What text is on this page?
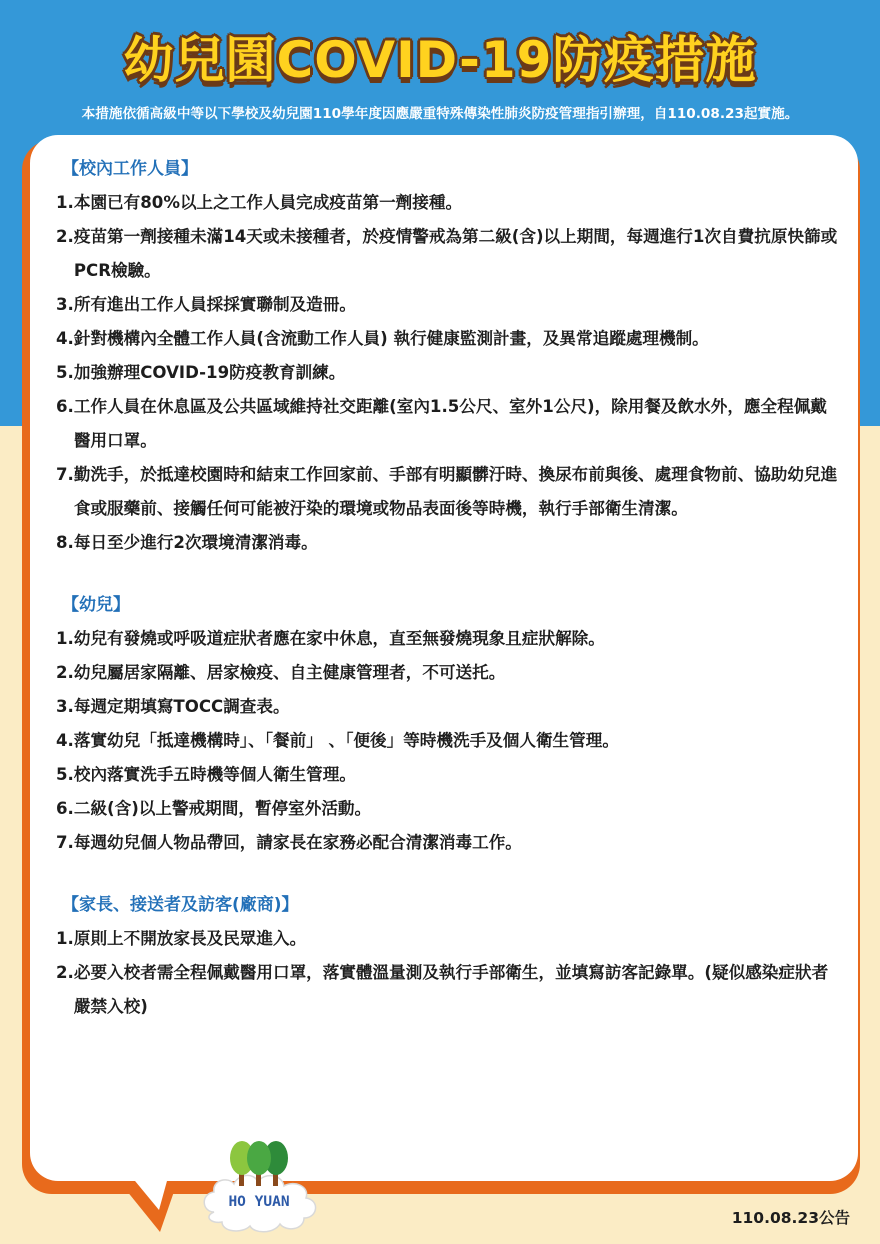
幼兒園COVID-19防疫措施
本措施依循高級中等以下學校及幼兒園110學年度因應嚴重特殊傳染性肺炎防疫管理指引辦理，自110.08.23起實施。
【校內工作人員】
1. 本園已有80%以上之工作人員完成疫苗第一劑接種。
2. 疫苗第一劑接種未滿14天或未接種者，於疫情警戒為第二級(含)以上期間，每週進行1次自費抗原快篩或PCR檢驗。
3. 所有進出工作人員採採實聯制及造冊。
4. 針對機構內全體工作人員(含流動工作人員) 執行健康監測計畫，及異常追蹤處理機制。
5. 加強辦理COVID-19防疫教育訓練。
6. 工作人員在休息區及公共區域維持社交距離(室內1.5公尺、室外1公尺)，除用餐及飲水外，應全程佩戴醫用口罩。
7. 勤洗手，於抵達校園時和結束工作回家前、手部有明顯髒汙時、換尿布前與後、處理食物前、協助幼兒進食或服藥前、接觸任何可能被汙染的環境或物品表面後等時機，執行手部衛生清潔。
8. 每日至少進行2次環境清潔消毒。
【幼兒】
1. 幼兒有發燒或呼吸道症狀者應在家中休息，直至無發燒現象且症狀解除。
2. 幼兒屬居家隔離、居家檢疫、自主健康管理者，不可送托。
3. 每週定期填寫TOCC調查表。
4. 落實幼兒「抵達機構時」、「餐前」 、「便後」等時機洗手及個人衛生管理。
5. 校內落實洗手五時機等個人衛生管理。
6. 二級(含)以上警戒期間，暫停室外活動。
7. 每週幼兒個人物品帶回，請家長在家務必配合清潔消毒工作。
【家長、接送者及訪客(廠商)】
1. 原則上不開放家長及民眾進入。
2. 必要入校者需全程佩戴醫用口罩，落實體溫量測及執行手部衛生，並填寫訪客記錄單。(疑似感染症狀者嚴禁入校)
HO YUAN
110.08.23公告
